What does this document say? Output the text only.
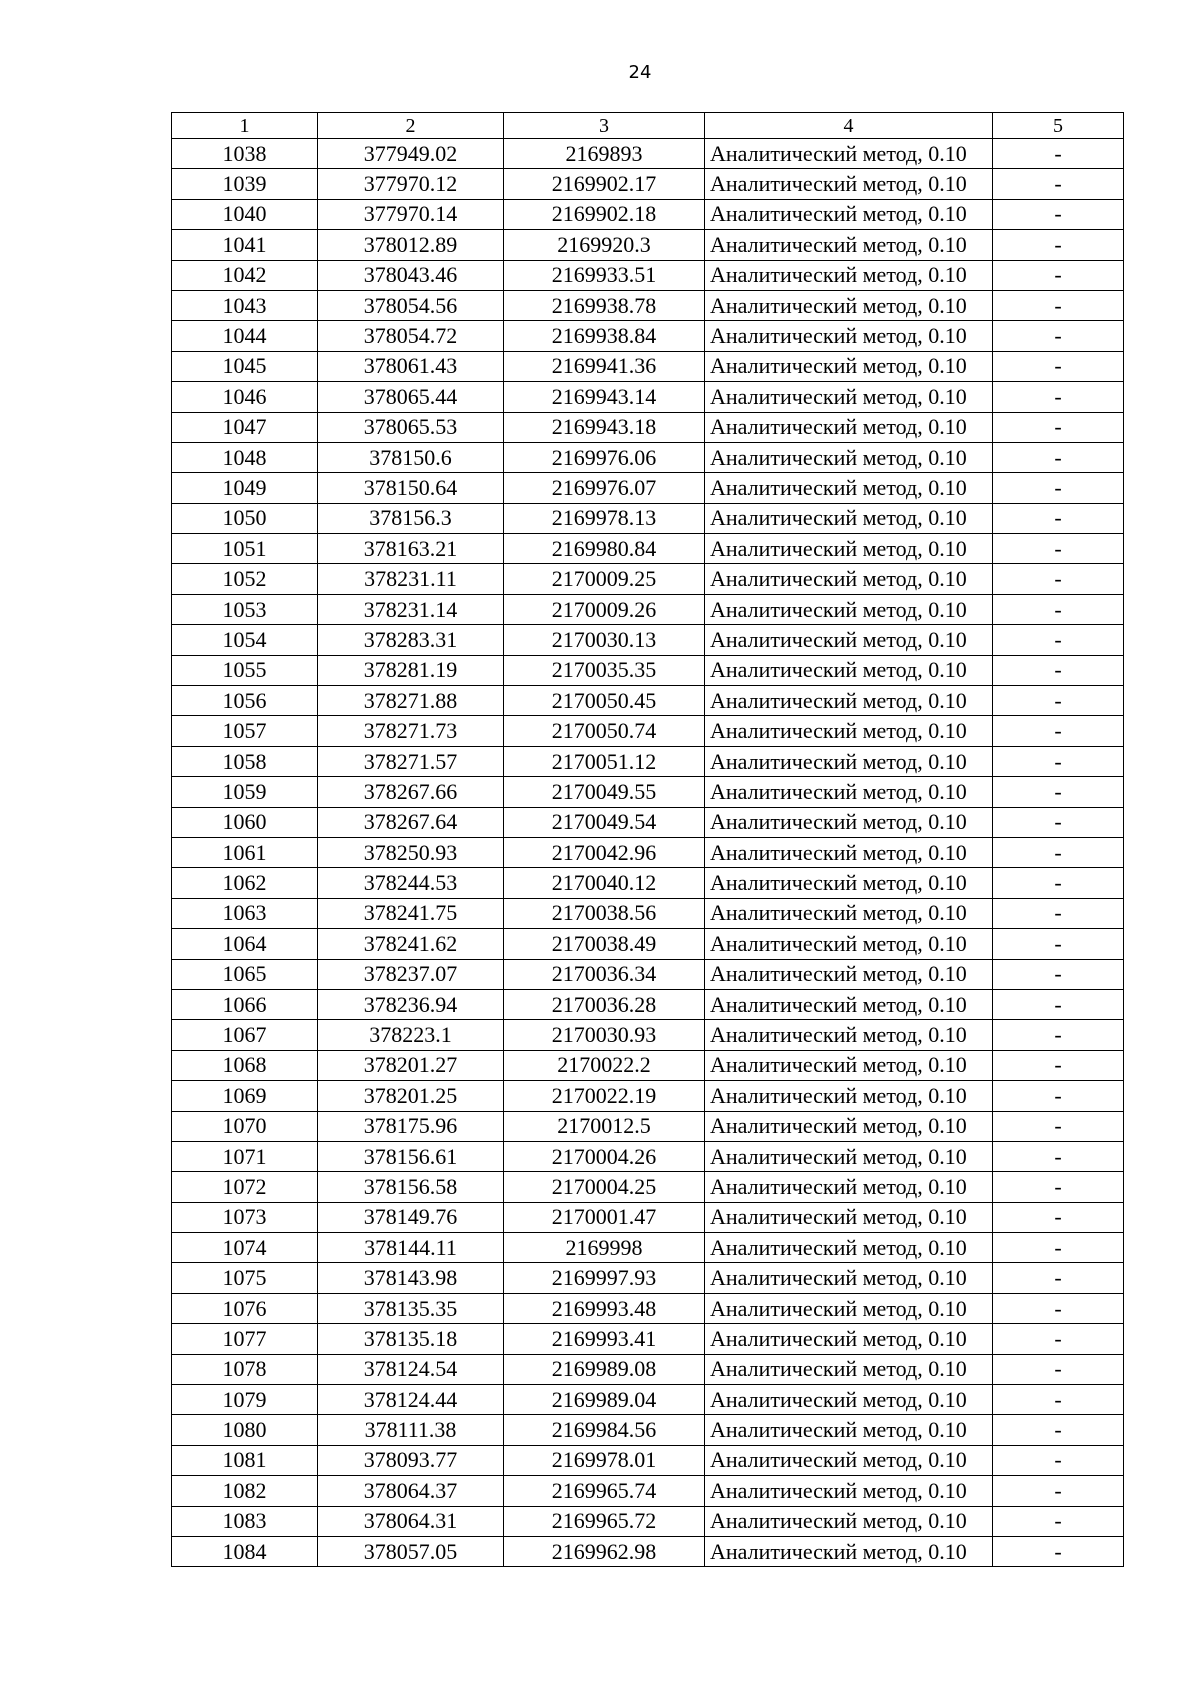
24
1	2	3	4	5
1038	377949.02	2169893	Аналитический метод, 0.10	-
1039	377970.12	2169902.17	Аналитический метод, 0.10	-
1040	377970.14	2169902.18	Аналитический метод, 0.10	-
1041	378012.89	2169920.3	Аналитический метод, 0.10	-
1042	378043.46	2169933.51	Аналитический метод, 0.10	-
1043	378054.56	2169938.78	Аналитический метод, 0.10	-
1044	378054.72	2169938.84	Аналитический метод, 0.10	-
1045	378061.43	2169941.36	Аналитический метод, 0.10	-
1046	378065.44	2169943.14	Аналитический метод, 0.10	-
1047	378065.53	2169943.18	Аналитический метод, 0.10	-
1048	378150.6	2169976.06	Аналитический метод, 0.10	-
1049	378150.64	2169976.07	Аналитический метод, 0.10	-
1050	378156.3	2169978.13	Аналитический метод, 0.10	-
1051	378163.21	2169980.84	Аналитический метод, 0.10	-
1052	378231.11	2170009.25	Аналитический метод, 0.10	-
1053	378231.14	2170009.26	Аналитический метод, 0.10	-
1054	378283.31	2170030.13	Аналитический метод, 0.10	-
1055	378281.19	2170035.35	Аналитический метод, 0.10	-
1056	378271.88	2170050.45	Аналитический метод, 0.10	-
1057	378271.73	2170050.74	Аналитический метод, 0.10	-
1058	378271.57	2170051.12	Аналитический метод, 0.10	-
1059	378267.66	2170049.55	Аналитический метод, 0.10	-
1060	378267.64	2170049.54	Аналитический метод, 0.10	-
1061	378250.93	2170042.96	Аналитический метод, 0.10	-
1062	378244.53	2170040.12	Аналитический метод, 0.10	-
1063	378241.75	2170038.56	Аналитический метод, 0.10	-
1064	378241.62	2170038.49	Аналитический метод, 0.10	-
1065	378237.07	2170036.34	Аналитический метод, 0.10	-
1066	378236.94	2170036.28	Аналитический метод, 0.10	-
1067	378223.1	2170030.93	Аналитический метод, 0.10	-
1068	378201.27	2170022.2	Аналитический метод, 0.10	-
1069	378201.25	2170022.19	Аналитический метод, 0.10	-
1070	378175.96	2170012.5	Аналитический метод, 0.10	-
1071	378156.61	2170004.26	Аналитический метод, 0.10	-
1072	378156.58	2170004.25	Аналитический метод, 0.10	-
1073	378149.76	2170001.47	Аналитический метод, 0.10	-
1074	378144.11	2169998	Аналитический метод, 0.10	-
1075	378143.98	2169997.93	Аналитический метод, 0.10	-
1076	378135.35	2169993.48	Аналитический метод, 0.10	-
1077	378135.18	2169993.41	Аналитический метод, 0.10	-
1078	378124.54	2169989.08	Аналитический метод, 0.10	-
1079	378124.44	2169989.04	Аналитический метод, 0.10	-
1080	378111.38	2169984.56	Аналитический метод, 0.10	-
1081	378093.77	2169978.01	Аналитический метод, 0.10	-
1082	378064.37	2169965.74	Аналитический метод, 0.10	-
1083	378064.31	2169965.72	Аналитический метод, 0.10	-
1084	378057.05	2169962.98	Аналитический метод, 0.10	-
